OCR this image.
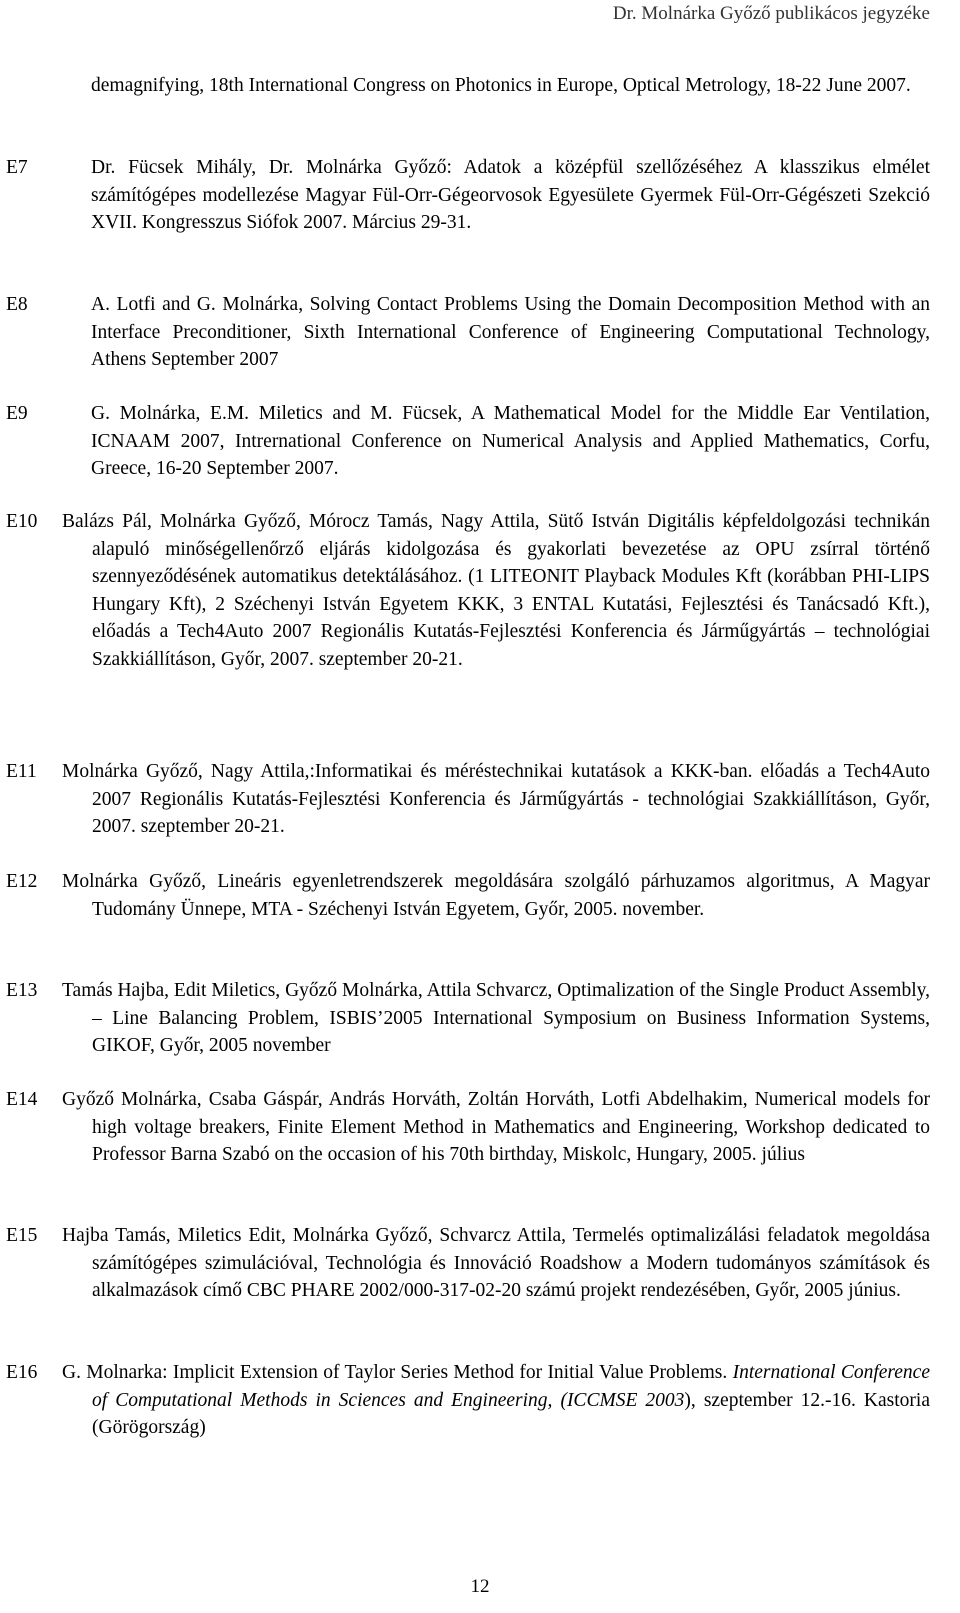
Dr. Molnárka Győző publikácos jegyzéke
demagnifying, 18th International Congress on Photonics in Europe, Optical Metrology, 18-22 June 2007.
E7	Dr. Fücsek Mihály, Dr. Molnárka Győző: Adatok a középfül szellőzéséhez A klasszikus elmélet számítógépes modellezése Magyar Fül-Orr-Gégeorvosok Egyesülete Gyermek Fül-Orr-Gégészeti Szekció XVII. Kongresszus Siófok 2007. Március 29-31.
E8	A. Lotfi and G. Molnárka, Solving Contact Problems Using the Domain Decomposition Method with an Interface Preconditioner, Sixth International Conference of Engineering Computational Technology, Athens September 2007
E9	G. Molnárka, E.M. Miletics and M. Fücsek, A Mathematical Model for the Middle Ear Ventilation, ICNAAM 2007, Intrernational Conference on Numerical Analysis and Applied Mathematics, Corfu, Greece, 16-20 September 2007.
E10 Balázs Pál, Molnárka Győző, Mórocz Tamás, Nagy Attila, Sütő István Digitális képfeldolgozási technikán alapuló minőségellenőrző eljárás kidolgozása és gyakorlati bevezetése az OPU zsírral történő szennyeződésének automatikus detektálásához. (1 LITEONIT Playback Modules Kft (korábban PHI-LIPS Hungary Kft), 2 Széchenyi István Egyetem KKK, 3 ENTAL Kutatási, Fejlesztési és Tanácsadó Kft.), előadás a Tech4Auto 2007 Regionális Kutatás-Fejlesztési Konferencia és Járműgyártás – technológiai Szakkiállításon, Győr, 2007. szeptember 20-21.
E11 Molnárka Győző, Nagy Attila,:Informatikai és méréstechnikai kutatások a KKK-ban. előadás a Tech4Auto 2007 Regionális Kutatás-Fejlesztési Konferencia és Járműgyártás - technológiai Szakkiállításon, Győr, 2007. szeptember 20-21.
E12 Molnárka Győző, Lineáris egyenletrendszerek megoldására szolgáló párhuzamos algoritmus, A Magyar Tudomány Ünnepe, MTA - Széchenyi István Egyetem, Győr, 2005. november.
E13 Tamás Hajba, Edit Miletics, Győző Molnárka, Attila Schvarcz, Optimalization of the Single Product Assembly, – Line Balancing Problem, ISBIS’2005 International Symposium on Business Information Systems, GIKOF, Győr, 2005 november
E14 Győző Molnárka, Csaba Gáspár, András Horváth, Zoltán Horváth, Lotfi Abdelhakim, Numerical models for high voltage breakers, Finite Element Method in Mathematics and Engineering, Workshop dedicated to Professor Barna Szabó on the occasion of his 70th birthday, Miskolc, Hungary, 2005. július
E15 Hajba Tamás, Miletics Edit, Molnárka Győző, Schvarcz Attila, Termelés optimalizálási feladatok megoldása számítógépes szimulációval, Technológia és Innováció Roadshow a Modern tudományos számítások és alkalmazások címő CBC PHARE 2002/000-317-02-20 számú projekt rendezésében, Győr, 2005 június.
E16 G. Molnarka: Implicit Extension of Taylor Series Method for Initial Value Problems. International Conference of Computational Methods in Sciences and Engineering, (ICCMSE 2003), szeptember 12.-16. Kastoria (Görögország)
12
